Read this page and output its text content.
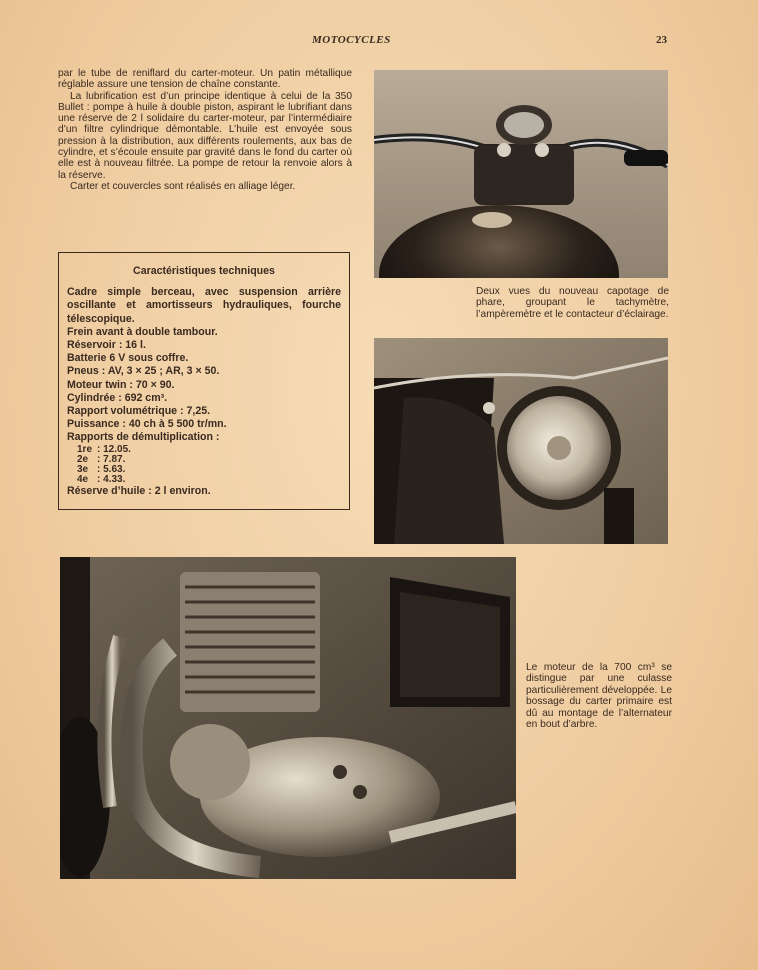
MOTOCYCLES	23

par le tube de reniflard du carter-moteur. Un patin métallique réglable assure une tension de chaîne constante.

La lubrification est d’un principe identique à celui de la 350 Bullet : pompe à huile à double piston, aspirant le lubrifiant dans une réserve de 2 l solidaire du carter-moteur, par l’intermédiaire d’un filtre cylindrique démontable. L’huile est envoyée sous pression à la distribution, aux différents roulements, aux bas de cylindre, et s’écoule ensuite par gravité dans le fond du carter où elle est à nouveau filtrée. La pompe de retour la renvoie alors à la réserve.

Carter et couvercles sont réalisés en alliage léger.

Caractéristiques techniques
Cadre simple berceau, avec suspension arrière oscillante et amortisseurs hydrauliques, fourche télescopique.
Frein avant à double tambour.
Réservoir : 16 l.
Batterie 6 V sous coffre.
Pneus : AV, 3 × 25 ; AR, 3 × 50.
Moteur twin : 70 × 90.
Cylindrée : 692 cm³.
Rapport volumétrique : 7,25.
Puissance : 40 ch à 5 500 tr/mn.
Rapports de démultiplication :
1re : 12.05.
2e : 7.87.
3e : 5.63.
4e : 4.33.
Réserve d’huile : 2 l environ.
Deux vues du nouveau capotage de phare, groupant le tachymètre, l’ampèremètre et le contacteur d’éclairage.
Le moteur de la 700 cm³ se distingue par une culasse particulièrement développée. Le bossage du carter primaire est dû au montage de l’alternateur en bout d’arbre.
